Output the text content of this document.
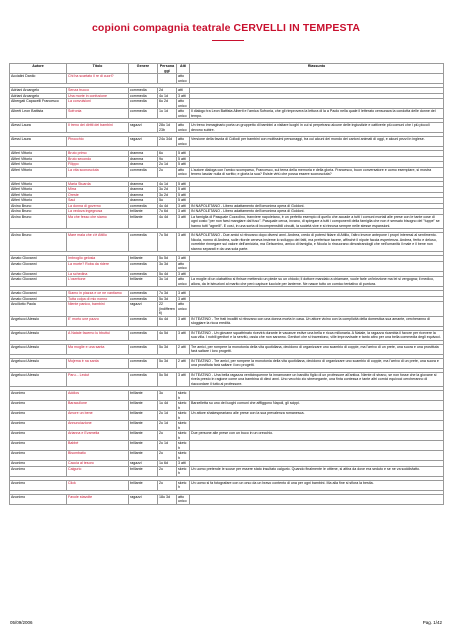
copioni compagnia teatrale CERVELLI IN TEMPESTA
Autore	Titolo	Genere	Personaggi	Atti	Riassunto
Accialini Danilo	Chi ha scartato il re di cuori?			atto unico	

Adriani Arcangelo	Senza trucco	commedia	2d	atti	
Adriani Arcangelo	Una morte in confusione	commedia	4u 1d	3 atti	
Albergati Capacelli Francesco	La convulsioni	commedia	6u 2d	atto unico	
Alberti Leon Battista	Sofronia	commedia	1u 1d	atto unico	Il dialogo tra Leon Battista Alberti e l'amica Sofronia, che gli rimprovera la lettura di la a Paolo nella quale il letterato censurava la condotta delle donne del tempo.

Alessi Laura	Il treno dei diritti dei bambini	ragazzi	28u 1d 23b	atto unico	Un treno immaginario porta un gruppetto di bambini a visitare luoghi in cui si perpetrano alcune delle ingiustizie e cattiverie più comuni che i più piccoli devono subire.

Alessi Laura	Pinocchio	ragazzi	24u 34d	atto unico	Versione della favola di Collodi per bambini con moltissimi personaggi, tra cui alcuni dei mondo dei cartoni animati di oggi, e alcuni pezzi in inglese.

Alfieri Vittorio	Bruto primo	dramma	6u	5 atti	
Alfieri Vittorio	Bruto secondo	dramma	9u	5 atti	
Alfieri Vittorio	Filippo	dramma	2u 1d	5 atti	
Alfieri Vittorio	La vita sconosciuta	commedia	2u	atto unico	L'autore dialoga con l'amico scomparso, Francesco, sul tema della memoria e della gloria. Francesco, buon conversatore e uomo esemplare, si mostra tenero lasciar nulla di scritto; e gloria la sua? Esiste virtù che possa essere sconosciuta?

Alfieri Vittorio	Maria Stuarda	dramma	4u 1d	5 atti	
Alfieri Vittorio	Mirra	dramma	3u 2d	5 atti	
Alfieri Vittorio	Oreste	dramma	3u 2d	5 atti	
Alfieri Vittorio	Saul	dramma	5u	5 atti	
Alvino Bruno	La donna di governo	commedia	4u 4d	3 atti	IN NAPOLETANO - Libero adattamento dell'omonima opera di Goldoni.
Alvino Bruno	La vedova ingegnosa	brillante	7u 6d	3 atti	IN NAPOLETANO - Libero adattamento dell'omonima opera di Goldoni.
Alvino Bruno	Ma che fesso che siamo	brillante	4u 4d	3 atti	La famiglia di Pasquale Cozzolino, tranviere napoletano, è un perfetto esempio di quello che accade a tutti i comuni mortali alle prese con le tante cose di ogni costo "per non farsi mangiare dal fuso". Pasquale cerca, invano, di spiegare a tutti i componenti della famiglia che non è sensato bisogno del "tuppe" se hanno tutti "agnelli". E così, in una sorta di incomprensibili circuiti, la società vive e si rinnova sempre nelle stesse espansioni.

Alvino Bruno	Mare mala che c'è Attilio	commedia	7u 5d	3 atti	IN NAPOLETANO - Due amici si ritrovano dopo diversi anni. Andrea, credo di potersi fidare di Attilio, l'altro invece antepone i propri interessi al sentimento. Nicola, nonno di Andrea, sulle ritorde ceneva insieme lo sviluppo dei fatti, ma preferisce tacere, affinché il nipote faccia esperienza. Andrea, ferito e deluso, vorrebbe rinnegare sul valore dell'amicizia, ma Gelsomino, amico di famiglia, e Nicola lo rincuorano dimostrandogli che nell'umanità il male e il bene non stanno separati e da una sola parte.

Amato Giovanni	Imbroglio gelosia	brillante	5u 5d	3 atti	
Amato Giovanni	La morte? Roba da ridere	commedia	3u 3d	atto unico	
Amato Giovanni	La schedina	commedia	5u 4d	3 atti	
Amato Giovanni	L'oseritone	brillante	3u 1d	atto unico	La moglie di un ciabattino si finisce mettendo un piede su un chiodo; il dottore mandato a chiamare, vuole farle un'iniezione ma lei si vergogna; il medico, allora, da le istruzioni al marito che però capisce lucciole per lanterne. Ne nasce tutto un comico tentativo di puntura.

Amato Giovanni	Siamo in piazza e ce ne vantiamo	commedia	7u 3d	3 atti	
Amato Giovanni	Tutta colpa di mio nonno	commedia	5u 3d	3 atti	
Ancillotto Paola	Niente panico, bambini	ragazzi	22 (indifferenti)	atto unico	
Angelucci Alessio	E' morto une pazzo	commedia	6u 4d	3 atti	IN TEATINO - Tre frati incalliti si ritrovano con una donna morta in casa. Un attore vicino con la complicità della domestica sua amante, cercheranno di sloggiare la ricca eredità.

Angelucci Alessio	A Natale facemo lu bbuttui	commedia	4u 5d	3 atti	IN TEATINO - Un giovane squattrinato ricevirà durante le vacanze estive una bella e ricca milionaria. A Natale, la ragazza ricambia il favore per ricevere la sua villa. I nobili genitori e la servitù, ossia che non saranno. Genitori che si travestono, ville improvvisate e tanto altro per una bella commedia degli equivoci.

Angelucci Alessio	Ma moglie e una santa	commedia	5u 3d	2 atti	Tre amici, per rompere la monotonia della vita quotidiana, decidono di organizzare uno scambio di coppie, ma l'arrivo di un prete, una suora e una prostituta farà saltare i loro progetti.

Angelucci Alessio	Mojema è na santa	commedia	5u 3d	2 atti	IN TEATINO - Tre amici, per rompere la monotonia della vita quotidiana, decidono di organizzare uno scambio di coppie, ma l'arrivo di un prete, una suora e una prostituta farà saltare i loro progetti.

Angelucci Alessio	Paru... Leciut	commedia	5u 5d	3 atti	IN TEATINO - Una bella ragazza venticinquenne fa innamorare un bandito figlio di un professore all'antica. Niente di strano, se non fosse che la giovane si rivela presto in ragione come una bambina di dieci anni. Uno vecchio zio sbrevegante, una finta contessa e tante altri comici equivoci cercheranno di riaccordare il tutto al professore.

Anonimo	Addios	brillante	3u	sketch	
Anonimo	Baracullone	brillante	1u 4d	sketch	Barzelletta su uno dei luoghi comuni che affliggono Napoli, gli scippi.
Anonimo	Amore un bene	brillante	2u 1d	sketch	Un attore shakespeariano alle prese con la sua prevalenza romanesca.
Anonimo	Annunciazione	brillante	2u 1d	sketch	
Anonimo	Arianna e Evamelia	brillante	2u	sketch	Due persone alle prese con un buco in un orecchio.
Anonimo	Babbè	brillante	2u 1d	sketch	
Anonimo	Bisombatio	brillante	2u	sketch	
Anonimo	Caccia al tesoro	ragazzi	1u 6d	3 atti	
Anonimo	Calgurio	brillante	2u	sketch	Un uomo pretende le scuse per essere stato insultato calgurio. Quando finalmente le ottiene, si attira da dove era seduto e se ne va soddisfatto.

Anonimo	Click	brillante	2u	sketch	Un uomo si fa fotografare con un orso da un bravo contento di una per ogni bambini. Ma alla fine si sfiora la bestia.

Anonimo	Favole stavolte	ragazzi	18u 3d	atto unico	
05/09/2006	Pag. 1/42
